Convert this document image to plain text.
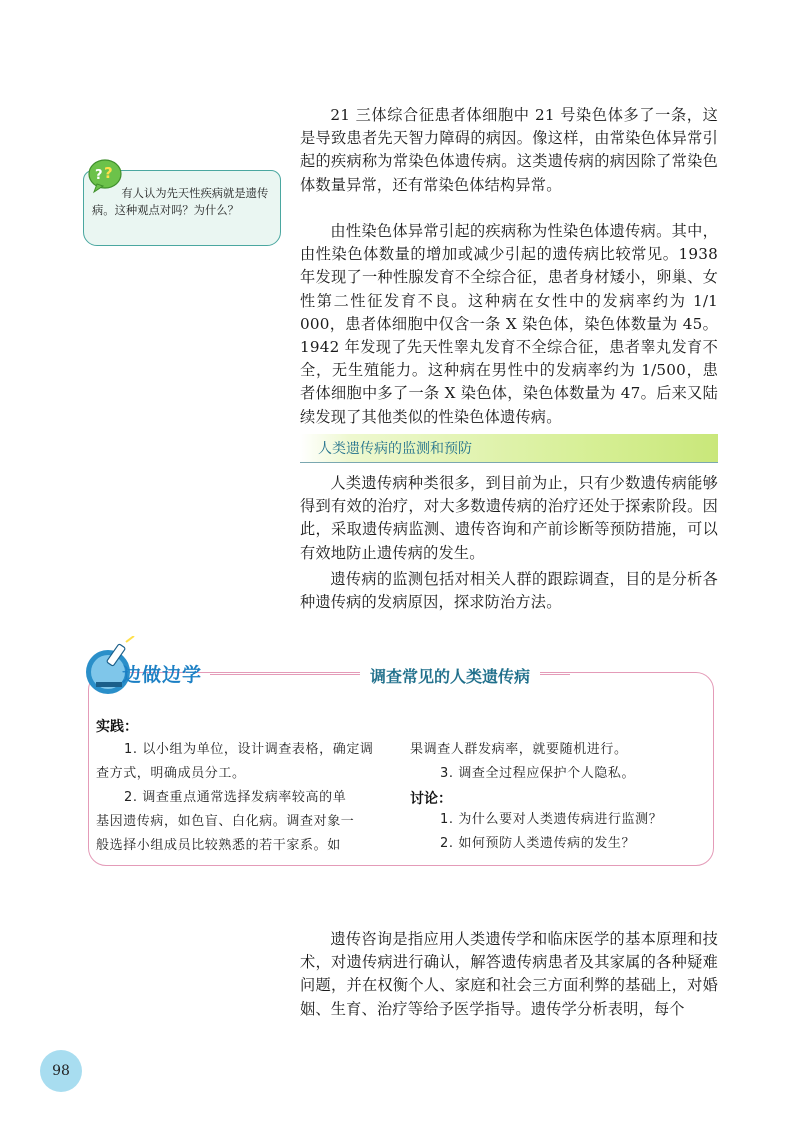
21 三体综合征患者体细胞中 21 号染色体多了一条，这是导致患者先天智力障碍的病因。像这样，由常染色体异常引起的疾病称为常染色体遗传病。这类遗传病的病因除了常染色体数量异常，还有常染色体结构异常。

由性染色体异常引起的疾病称为性染色体遗传病。其中，由性染色体数量的增加或减少引起的遗传病比较常见。1938 年发现了一种性腺发育不全综合征，患者身材矮小，卵巢、女性第二性征发育不良。这种病在女性中的发病率约为 1/1 000，患者体细胞中仅含一条 X 染色体，染色体数量为 45。1942 年发现了先天性睾丸发育不全综合征，患者睾丸发育不全，无生殖能力。这种病在男性中的发病率约为 1/500，患者体细胞中多了一条 X 染色体，染色体数量为 47。后来又陆续发现了其他类似的性染色体遗传病。

有人认为先天性疾病就是遗传病。这种观点对吗？为什么？

? ?
人类遗传病的监测和预防

人类遗传病种类很多，到目前为止，只有少数遗传病能够得到有效的治疗，对大多数遗传病的治疗还处于探索阶段。因此，采取遗传病监测、遗传咨询和产前诊断等预防措施，可以有效地防止遗传病的发生。

遗传病的监测包括对相关人群的跟踪调查，目的是分析各种遗传病的发病原因，探求防治方法。

边做边学	调查常见的人类遗传病

实践：

1. 以小组为单位，设计调查表格，确定调

查方式，明确成员分工。

2. 调查重点通常选择发病率较高的单

基因遗传病，如色盲、白化病。调查对象一

般选择小组成员比较熟悉的若干家系。如

果调查人群发病率，就要随机进行。

3. 调查全过程应保护个人隐私。

讨论：

1. 为什么要对人类遗传病进行监测？

2. 如何预防人类遗传病的发生？

遗传咨询是指应用人类遗传学和临床医学的基本原理和技术，对遗传病进行确认，解答遗传病患者及其家属的各种疑难问题，并在权衡个人、家庭和社会三方面利弊的基础上，对婚姻、生育、治疗等给予医学指导。遗传学分析表明，每个

98
